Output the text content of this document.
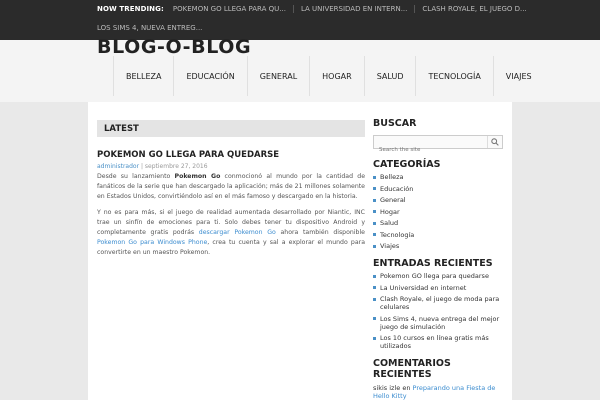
NOW TRENDING:	POKEMON GO LLEGA PARA QU...	LA UNIVERSIDAD EN INTERN...	CLASH ROYALE, EL JUEGO D...
LOS SIMS 4, NUEVA ENTREG...
BLOG-O-BLOG
BELLEZA	EDUCACIÓN	GENERAL	HOGAR	SALUD	TECNOLOGÍA	VIAJES
LATEST
POKEMON GO LLEGA PARA QUEDARSE
administrador | septiembre 27, 2016

Desde su lanzamiento Pokemon Go conmocionó al mundo por la cantidad de fanáticos de la serie que han descargado la aplicación; más de 21 millones solamente en Estados Unidos, convirtiéndolo así en el más famoso y descargado en la historia.

Y no es para más, si el juego de realidad aumentada desarrollado por Niantic, INC trae un sinfín de emociones para ti. Solo debes tener tu dispositivo Android y completamente gratis podrás descargar Pokemon Go ahora también disponible Pokemon Go para Windows Phone, crea tu cuenta y sal a explorar el mundo para convertirte en un maestro Pokemon.

BUSCAR
Search the site
CATEGORÍAS
Belleza
Educación
General
Hogar
Salud
Tecnología
Viajes
ENTRADAS RECIENTES
Pokemon GO llega para quedarse
La Universidad en internet
Clash Royale, el juego de moda para celulares
Los Sims 4, nueva entrega del mejor juego de simulación
Los 10 cursos en línea gratis más utilizados
COMENTARIOS RECIENTES
sikis izle en Preparando una Fiesta de Hello Kitty
